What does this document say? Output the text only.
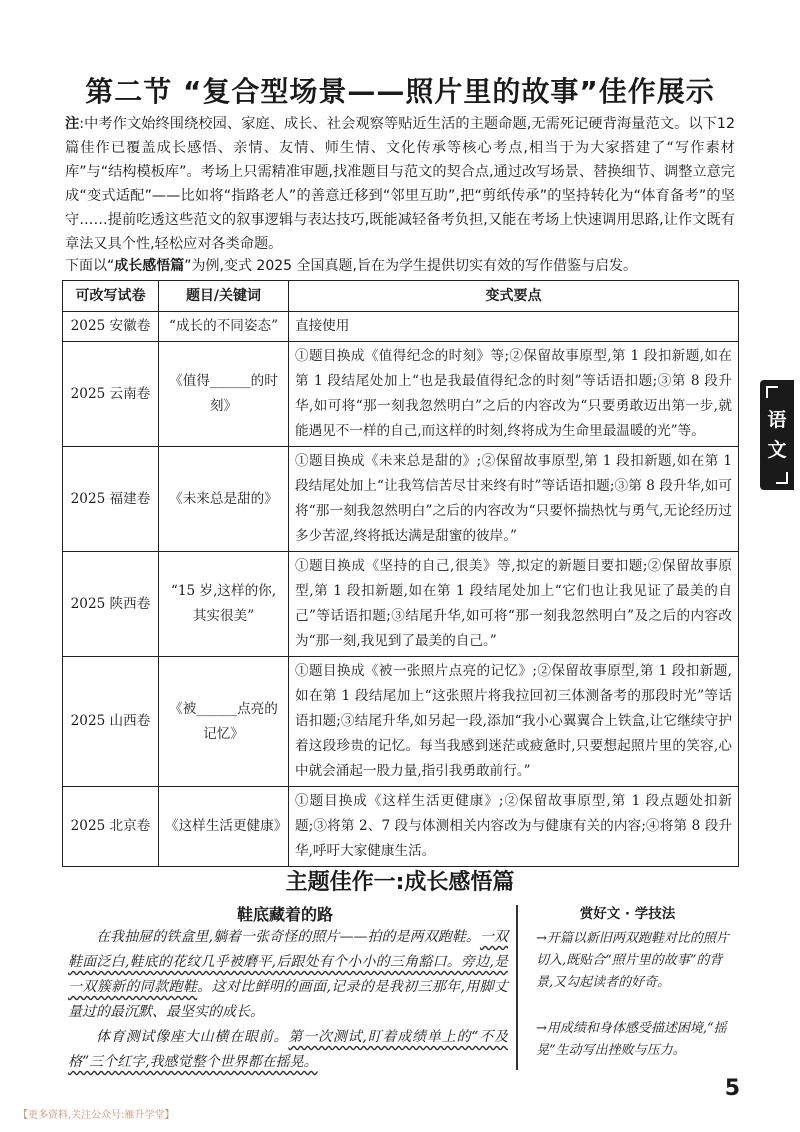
第二节 “复合型场景——照片里的故事”佳作展示
注:中考作文始终围绕校园、家庭、成长、社会观察等贴近生活的主题命题,无需死记硬背海量范文。以下12篇佳作已覆盖成长感悟、亲情、友情、师生情、文化传承等核心考点,相当于为大家搭建了“写作素材库”与“结构模板库”。考场上只需精准审题,找准题目与范文的契合点,通过改写场景、替换细节、调整立意完成“变式适配”——比如将“指路老人”的善意迁移到“邻里互助”,把“剪纸传承”的坚持转化为“体育备考”的坚守……提前吃透这些范文的叙事逻辑与表达技巧,既能减轻备考负担,又能在考场上快速调用思路,让作文既有章法又具个性,轻松应对各类命题。
下面以“成长感悟篇”为例,变式 2025 全国真题,旨在为学生提供切实有效的写作借鉴与启发。
可改写试卷	题目/关键词	变式要点
2025 安徽卷	“成长的不同姿态”	直接使用
2025 云南卷	《值得______的时刻》	①题目换成《值得纪念的时刻》等;②保留故事原型,第 1 段扣新题,如在第 1 段结尾处加上“也是我最值得纪念的时刻”等话语扣题;③第 8 段升华,如可将“那一刻我忽然明白”之后的内容改为“只要勇敢迈出第一步,就能遇见不一样的自己,而这样的时刻,终将成为生命里最温暖的光”等。
2025 福建卷	《未来总是甜的》	①题目换成《未来总是甜的》;②保留故事原型,第 1 段扣新题,如在第 1 段结尾处加上“让我笃信苦尽甘来终有时”等话语扣题;③第 8 段升华,如可将“那一刻我忽然明白”之后的内容改为“只要怀揣热忱与勇气,无论经历过多少苦涩,终将抵达满是甜蜜的彼岸。”
2025 陕西卷	“15 岁,这样的你,其实很美”	①题目换成《坚持的自己,很美》等,拟定的新题目要扣题;②保留故事原型,第 1 段扣新题,如在第 1 段结尾处加上“它们也让我见证了最美的自己”等话语扣题;③结尾升华,如可将“那一刻我忽然明白”及之后的内容改为“那一刻,我见到了最美的自己。”
2025 山西卷	《被______点亮的记忆》	①题目换成《被一张照片点亮的记忆》;②保留故事原型,第 1 段扣新题,如在第 1 段结尾加上“这张照片将我拉回初三体测备考的那段时光”等话语扣题;③结尾升华,如另起一段,添加“我小心翼翼合上铁盒,让它继续守护着这段珍贵的记忆。每当我感到迷茫或疲惫时,只要想起照片里的笑容,心中就会涌起一股力量,指引我勇敢前行。”
2025 北京卷	《这样生活更健康》	①题目换成《这样生活更健康》;②保留故事原型,第 1 段点题处扣新题;③将第 2、7 段与体测相关内容改为与健康有关的内容;④将第 8 段升华,呼吁大家健康生活。
语
文
主题佳作一:成长感悟篇
鞋底藏着的路

在我抽屉的铁盒里,躺着一张奇怪的照片——拍的是两双跑鞋。一双鞋面泛白,鞋底的花纹几乎被磨平,后跟处有个小小的三角豁口。旁边,是一双簇新的同款跑鞋。这对比鲜明的画面,记录的是我初三那年,用脚丈量过的最沉默、最坚实的成长。

体育测试像座大山横在眼前。第一次测试,盯着成绩单上的“不及格”三个红字,我感觉整个世界都在摇晃。

赏好文 · 学技法
→开篇以新旧两双跑鞋对比的照片切入,既贴合“照片里的故事”的背景,又勾起读者的好奇。
→用成绩和身体感受描述困境,“摇晃”生动写出挫败与压力。
5
【更多资料,关注公众号:雁升学堂】
